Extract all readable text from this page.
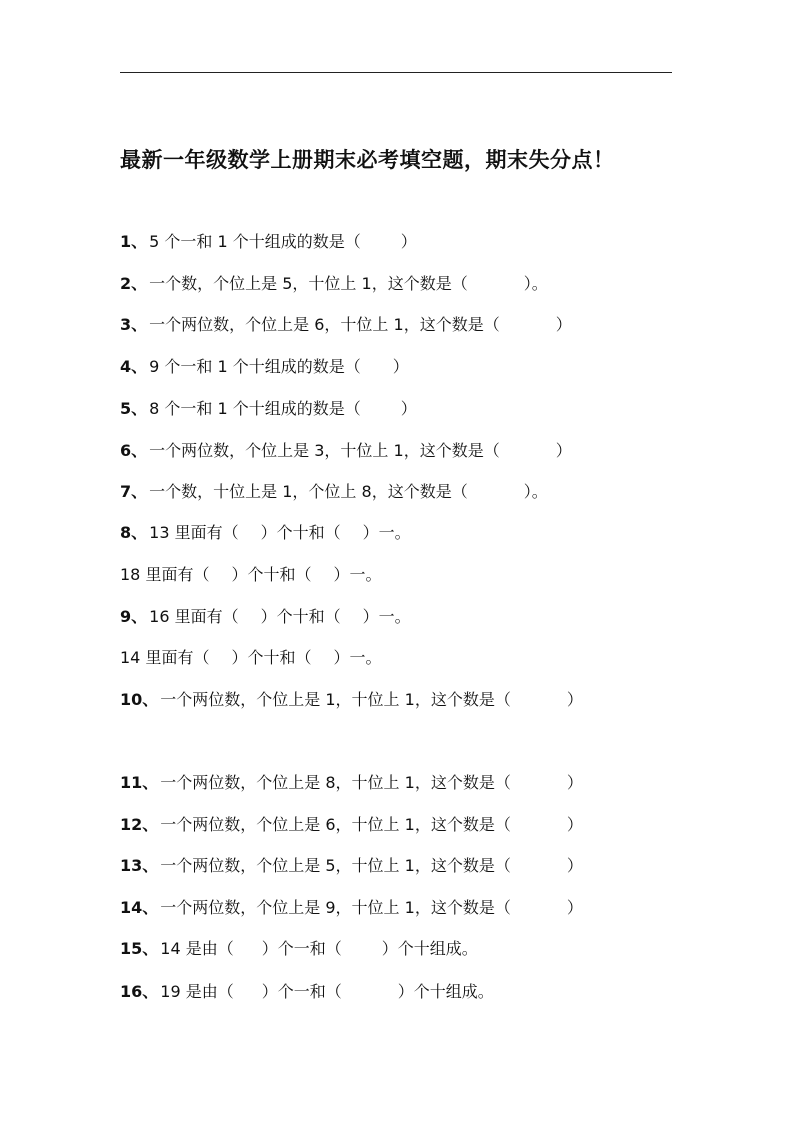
最新一年级数学上册期末必考填空题，期末失分点！
1、 5 个一和 1 个十组成的数是（	）
2、 一个数，个位上是 5，十位上 1，这个数是（	）。
3、 一个两位数，个位上是 6，十位上 1，这个数是（	）
4、 9 个一和 1 个十组成的数是（ ）
5、 8 个一和 1 个十组成的数是（	）
6、 一个两位数，个位上是 3，十位上 1，这个数是（	）
7、 一个数，十位上是 1，个位上 8，这个数是（	）。
8、 13 里面有（ ）个十和（ ）一。
18 里面有（ ）个十和（ ）一。
9、 16 里面有（ ）个十和（ ）一。
14 里面有（ ）个十和（ ）一。
10、 一个两位数，个位上是 1，十位上 1，这个数是（	）
11、 一个两位数，个位上是 8，十位上 1，这个数是（	）
12、 一个两位数，个位上是 6，十位上 1，这个数是（	）
13、 一个两位数，个位上是 5，十位上 1，这个数是（	）
14、 一个两位数，个位上是 9，十位上 1，这个数是（	）
15、 14 是由（ ）个一和（	）个十组成。
16、 19 是由（ ）个一和（	）个十组成。
